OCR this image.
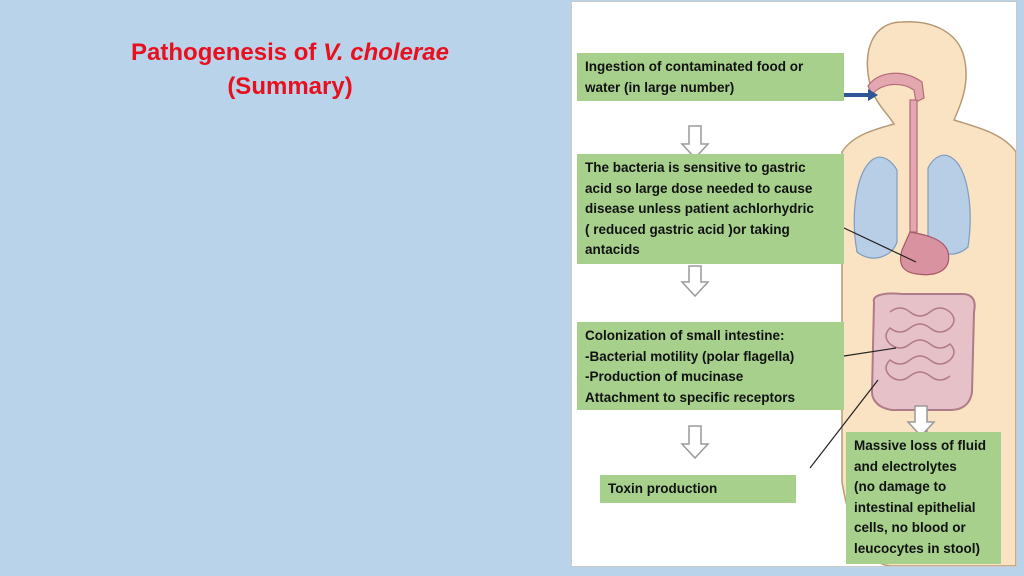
Pathogenesis of V. cholerae
(Summary)
Ingestion of contaminated food or
water (in large number)
The bacteria is sensitive to gastric
acid so large dose needed to cause
disease unless patient achlorhydric
( reduced gastric acid )or taking
antacids
Colonization of small intestine:
-Bacterial motility (polar flagella)
-Production of mucinase
Attachment to specific receptors
Toxin production
Massive loss of fluid
and electrolytes
(no damage to
intestinal epithelial
cells, no blood or
leucocytes in stool)
